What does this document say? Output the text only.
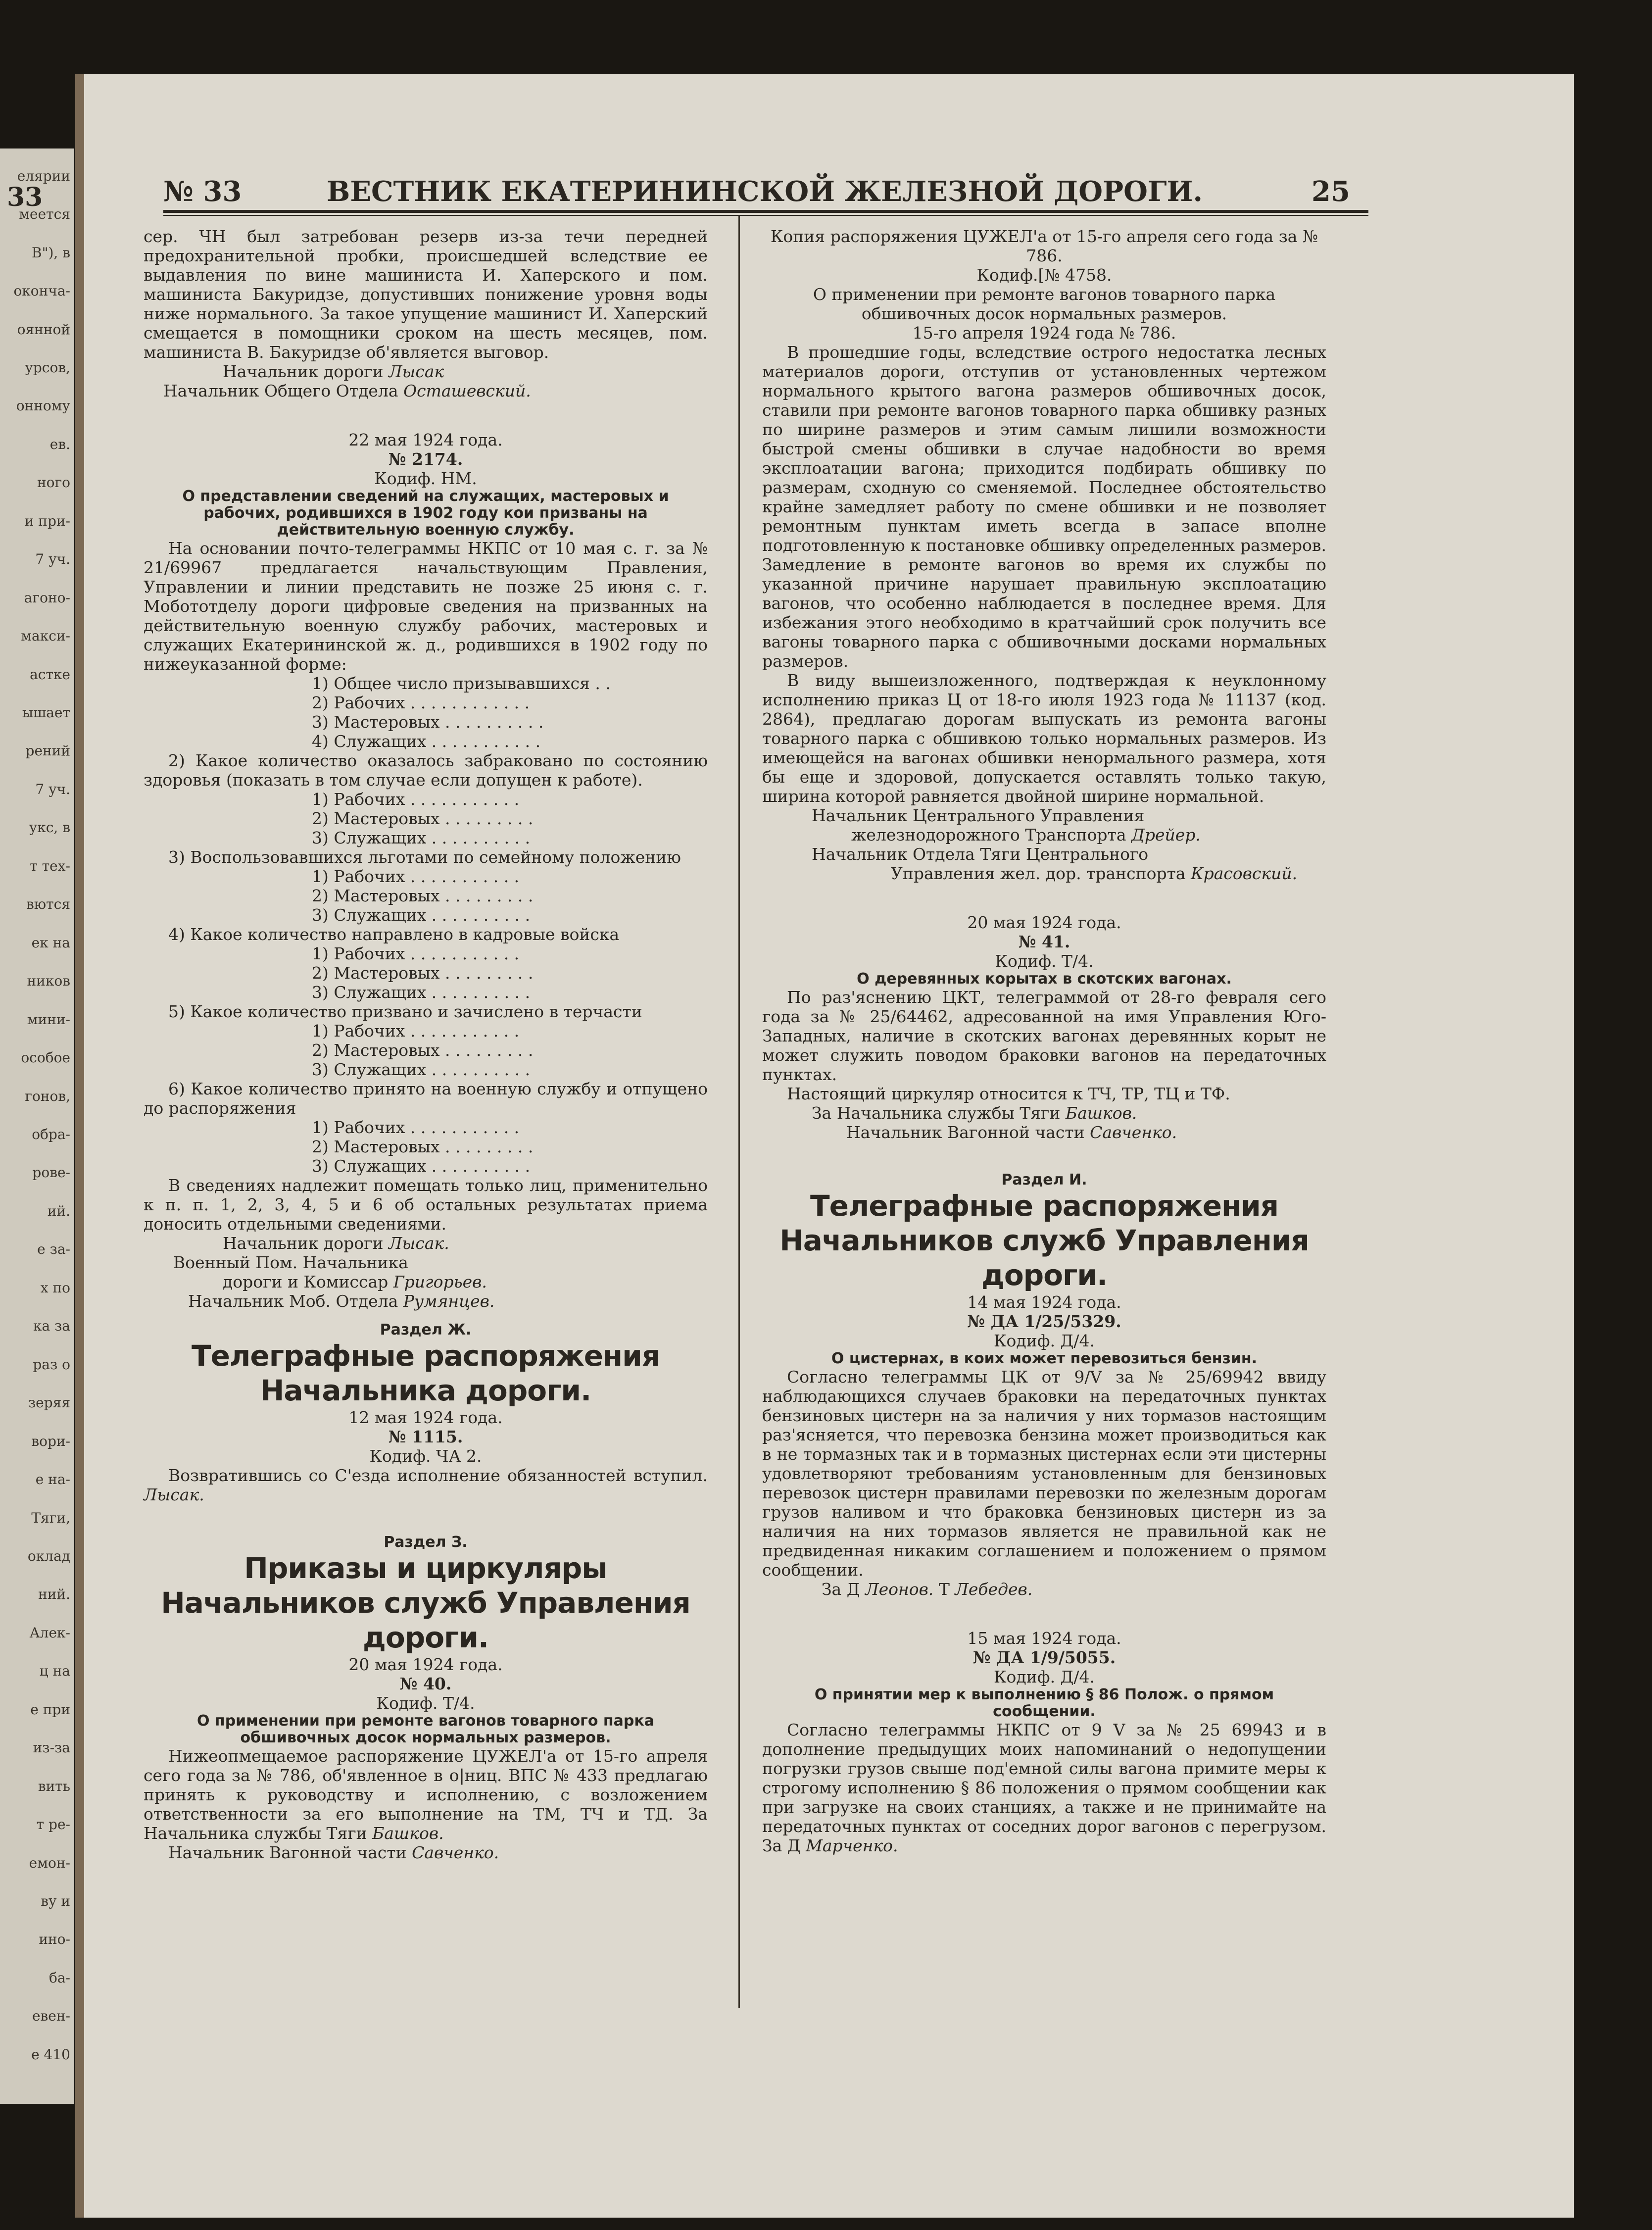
елярии
меется
В"), в
оконча-
оянной
урсов,
онному
ев.
ного
и при-
7 уч.
агоно-
макси-
астке
ышает
рений
7 уч.
укс, в
т тех-
вются
ек на
ников
мини-
особое
гонов,
обра-
рове-
ий.
е за-
х по
ка за
раз о
зеряя
вори-
е на-
Тяги,
оклад
ний.
Алек-
ц на
е при
из-за
вить
т ре-
емон-
ву и
ино-
ба-
евен-
е 410
33	№ 33	ВЕСТНИК ЕКАТЕРИНИНСКОЙ ЖЕЛЕЗНОЙ ДОРОГИ.	25

сер. ЧН был затребован резерв из-за течи передней предохранительной пробки, происшедшей вследствие ее выдавления по вине машиниста И. Хаперского и пом. машиниста Бакуридзе, допустивших понижение уровня воды ниже нормального. За такое упущение машинист И. Хаперский смещается в помощники сроком на шесть месяцев, пом. машиниста В. Бакуридзе об'является выговор.

Начальник дороги Лысак

Начальник Общего Отдела Осташевский.

22 мая 1924 года.

№ 2174.

Кодиф. НМ.

О представлении сведений на служащих, мастеровых и рабочих, родившихся в 1902 году кои призваны на действительную военную службу.

На основании почто-телеграммы НКПС от 10 мая с. г. за № 21/69967 предлагается начальствующим Правления, Управлении и линии представить не позже 25 июня с. г. Мобототделу дороги цифровые сведения на призванных на действительную военную службу рабочих, мастеровых и служащих Екатерининской ж. д., родившихся в 1902 году по нижеуказанной форме:

1) Общее число призывавшихся . .
2) Рабочих . . . . . . . . . . . .
3) Мастеровых . . . . . . . . . .
4) Служащих . . . . . . . . . . .

2) Какое количество оказалось забраковано по состоянию здоровья (показать в том случае если допущен к работе).

1) Рабочих . . . . . . . . . . .
2) Мастеровых . . . . . . . . .
3) Служащих . . . . . . . . . .

3) Воспользовавшихся льготами по семейному положению

1) Рабочих . . . . . . . . . . .
2) Мастеровых . . . . . . . . .
3) Служащих . . . . . . . . . .

4) Какое количество направлено в кадровые войска

1) Рабочих . . . . . . . . . . .
2) Мастеровых . . . . . . . . .
3) Служащих . . . . . . . . . .

5) Какое количество призвано и зачислено в терчасти

1) Рабочих . . . . . . . . . . .
2) Мастеровых . . . . . . . . .
3) Служащих . . . . . . . . . .

6) Какое количество принято на военную службу и отпущено до распоряжения

1) Рабочих . . . . . . . . . . .
2) Мастеровых . . . . . . . . .
3) Служащих . . . . . . . . . .

В сведениях надлежит помещать только лиц, применительно к п. п. 1, 2, 3, 4, 5 и 6 об остальных результатах приема доносить отдельными сведениями.

Начальник дороги Лысак.

Военный Пом. Начальника

дороги и Комиссар Григорьев.

Начальник Моб. Отдела Румянцев.

Раздел Ж.

Телеграфные распоряжения Начальника дороги.

12 мая 1924 года.

№ 1115.

Кодиф. ЧА 2.

Возвратившись со С'езда исполнение обязанностей вступил. Лысак.

Раздел З.

Приказы и циркуляры Начальников служб Управления дороги.

20 мая 1924 года.

№ 40.

Кодиф. Т/4.

О применении при ремонте вагонов товарного парка обшивочных досок нормальных размеров.

Нижеопмещаемое распоряжение ЦУЖЕЛ'а от 15-го апреля сего года за № 786, об'явленное в о|ниц. ВПС № 433 предлагаю принять к руководству и исполнению, с возложением ответственности за его выполнение на ТМ, ТЧ и ТД. За Начальника службы Тяги Башков.

Начальник Вагонной части Савченко.

Копия распоряжения ЦУЖЕЛ'а от 15-го апреля сего года за № 786.

Кодиф.[№ 4758.

О применении при ремонте вагонов товарного парка обшивочных досок нормальных размеров.

15-го апреля 1924 года № 786.

В прошедшие годы, вследствие острого недостатка лесных материалов дороги, отступив от установленных чертежом нормального крытого вагона размеров обшивочных досок, ставили при ремонте вагонов товарного парка обшивку разных по ширине размеров и этим самым лишили возможности быстрой смены обшивки в случае надобности во время эксплоатации вагона; приходится подбирать обшивку по размерам, сходную со сменяемой. Последнее обстоятельство крайне замедляет работу по смене обшивки и не позволяет ремонтным пунктам иметь всегда в запасе вполне подготовленную к постановке обшивку определенных размеров. Замедление в ремонте вагонов во время их службы по указанной причине нарушает правильную эксплоатацию вагонов, что особенно наблюдается в последнее время. Для избежания этого необходимо в кратчайший срок получить все вагоны товарного парка с обшивочными досками нормальных размеров.

В виду вышеизложенного, подтверждая к неуклонному исполнению приказ Ц от 18-го июля 1923 года № 11137 (код. 2864), предлагаю дорогам выпускать из ремонта вагоны товарного парка с обшивкою только нормальных размеров. Из имеющейся на вагонах обшивки ненормального размера, хотя бы еще и здоровой, допускается оставлять только такую, ширина которой равняется двойной ширине нормальной.

Начальник Центрального Управления

железнодорожного Транспорта Дрейер.

Начальник Отдела Тяги Центрального

Управления жел. дор. транспорта Красовский.

20 мая 1924 года.

№ 41.

Кодиф. Т/4.

О деревянных корытах в скотских вагонах.

По раз'яснению ЦКТ, телеграммой от 28-го февраля сего года за № 25/64462, адресованной на имя Управления Юго-Западных, наличие в скотских вагонах деревянных корыт не может служить поводом браковки вагонов на передаточных пунктах.

Настоящий циркуляр относится к ТЧ, ТР, ТЦ и ТФ.

За Начальника службы Тяги Башков.

Начальник Вагонной части Савченко.

Раздел И.

Телеграфные распоряжения Начальников служб Управления дороги.

14 мая 1924 года.

№ ДА 1/25/5329.

Кодиф. Д/4.

О цистернах, в коих может перевозиться бензин.

Согласно телеграммы ЦК от 9/V за № 25/69942 ввиду наблюдающихся случаев браковки на передаточных пунктах бензиновых цистерн на за наличия у них тормазов настоящим раз'ясняется, что перевозка бензина может производиться как в не тормазных так и в тормазных цистернах если эти цистерны удовлетворяют требованиям установленным для бензиновых перевозок цистерн правилами перевозки по железным дорогам грузов наливом и что браковка бензиновых цистерн из за наличия на них тормазов является не правильной как не предвиденная никаким соглашением и положением о прямом сообщении.

За Д Леонов. Т Лебедев.

15 мая 1924 года.

№ ДА 1/9/5055.

Кодиф. Д/4.

О принятии мер к выполнению § 86 Полож. о прямом сообщении.

Согласно телеграммы НКПС от 9 V за № 25 69943 и в дополнение предыдущих моих напоминаний о недопущении погрузки грузов свыше под'емной силы вагона примите меры к строгому исполнению § 86 положения о прямом сообщении как при загрузке на своих станциях, а также и не принимайте на передаточных пунктах от соседних дорог вагонов с перегрузом. За Д Марченко.
